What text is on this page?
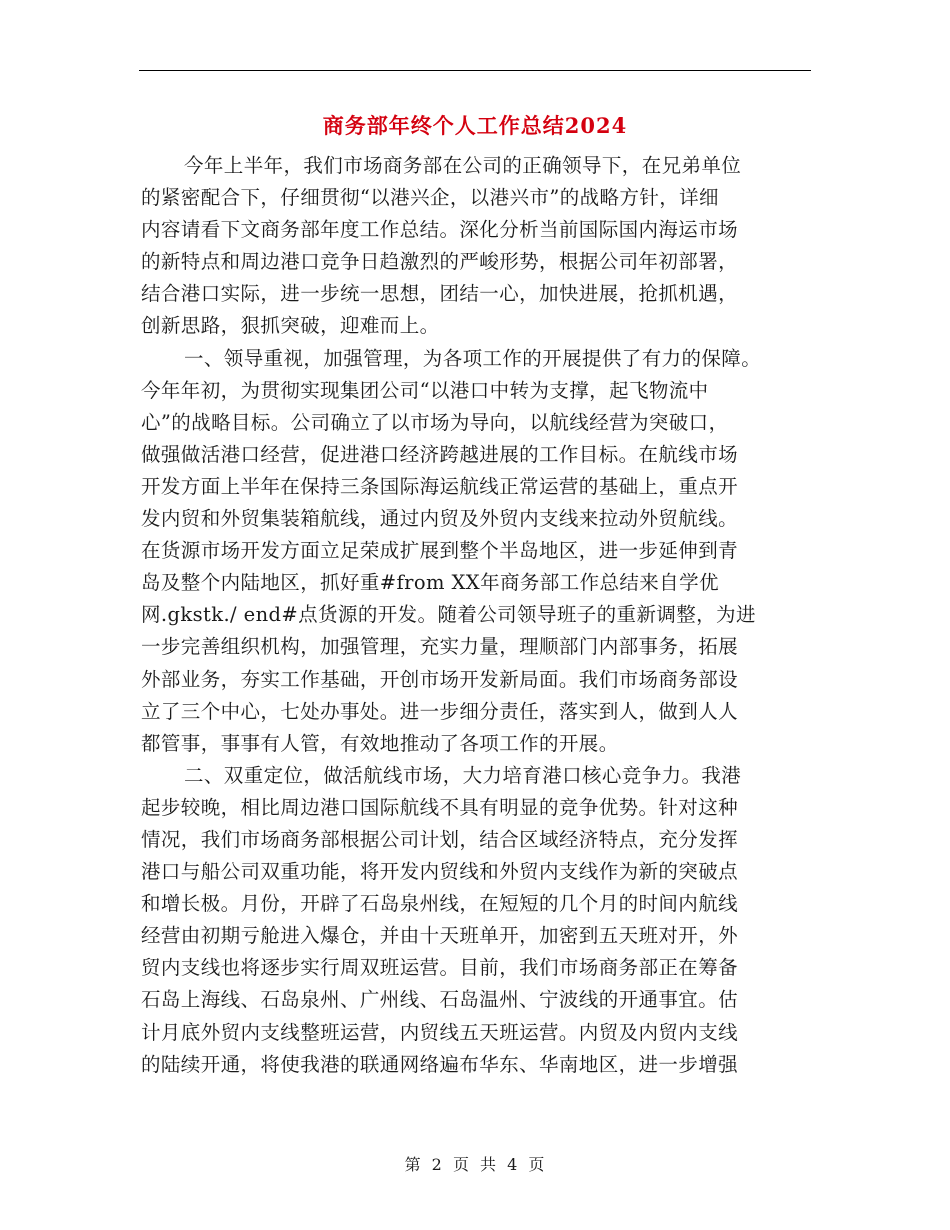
商务部年终个人工作总结2024
今年上半年，我们市场商务部在公司的正确领导下，在兄弟单位
的紧密配合下，仔细贯彻“以港兴企，以港兴市”的战略方针，详细
内容请看下文商务部年度工作总结。深化分析当前国际国内海运市场
的新特点和周边港口竞争日趋激烈的严峻形势，根据公司年初部署，
结合港口实际，进一步统一思想，团结一心，加快进展，抢抓机遇，
创新思路，狠抓突破，迎难而上。
一、领导重视，加强管理，为各项工作的开展提供了有力的保障。
今年年初，为贯彻实现集团公司“以港口中转为支撑，起飞物流中
心”的战略目标。公司确立了以市场为导向，以航线经营为突破口，
做强做活港口经营，促进港口经济跨越进展的工作目标。在航线市场
开发方面上半年在保持三条国际海运航线正常运营的基础上，重点开
发内贸和外贸集装箱航线，通过内贸及外贸内支线来拉动外贸航线。
在货源市场开发方面立足荣成扩展到整个半岛地区，进一步延伸到青
岛及整个内陆地区，抓好重#from XX年商务部工作总结来自学优
网.gkstk./ end#点货源的开发。随着公司领导班子的重新调整，为进
一步完善组织机构，加强管理，充实力量，理顺部门内部事务，拓展
外部业务，夯实工作基础，开创市场开发新局面。我们市场商务部设
立了三个中心，七处办事处。进一步细分责任，落实到人，做到人人
都管事，事事有人管，有效地推动了各项工作的开展。
二、双重定位，做活航线市场，大力培育港口核心竞争力。我港
起步较晚，相比周边港口国际航线不具有明显的竞争优势。针对这种
情况，我们市场商务部根据公司计划，结合区域经济特点，充分发挥
港口与船公司双重功能，将开发内贸线和外贸内支线作为新的突破点
和增长极。月份，开辟了石岛泉州线，在短短的几个月的时间内航线
经营由初期亏舱进入爆仓，并由十天班单开，加密到五天班对开，外
贸内支线也将逐步实行周双班运营。目前，我们市场商务部正在筹备
石岛上海线、石岛泉州、广州线、石岛温州、宁波线的开通事宜。估
计月底外贸内支线整班运营，内贸线五天班运营。内贸及内贸内支线
的陆续开通，将使我港的联通网络遍布华东、华南地区，进一步增强
第 2 页 共 4 页
